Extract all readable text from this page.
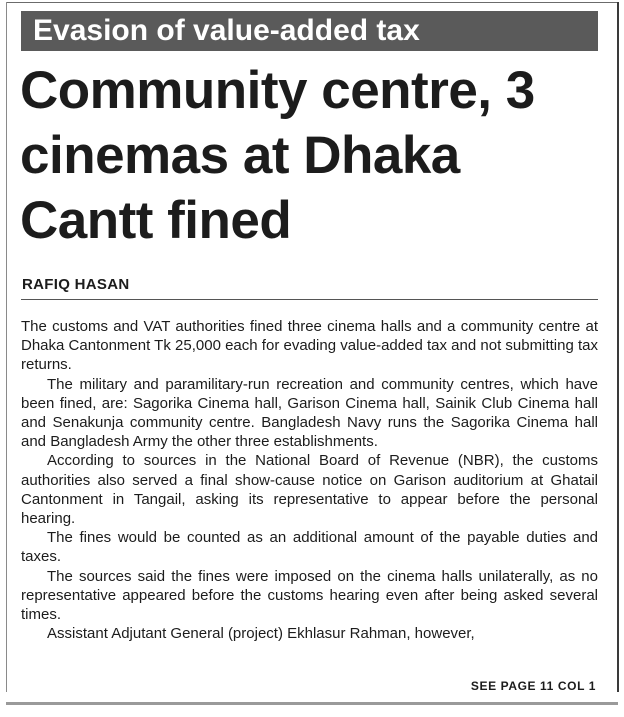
Evasion of value-added tax
Community centre, 3 cinemas at Dhaka Cantt fined
RAFIQ HASAN

The customs and VAT authorities fined three cinema halls and a community centre at Dhaka Cantonment Tk 25,000 each for evading value-added tax and not submitting tax returns.

The military and paramilitary-run recreation and community centres, which have been fined, are: Sagorika Cinema hall, Garison Cinema hall, Sainik Club Cinema hall and Senakunja community centre. Bangladesh Navy runs the Sagorika Cinema hall and Bangladesh Army the other three establishments.

According to sources in the National Board of Revenue (NBR), the customs authorities also served a final show-cause notice on Garison auditorium at Ghatail Cantonment in Tangail, asking its representative to appear before the personal hearing.

The fines would be counted as an additional amount of the payable duties and taxes.

The sources said the fines were imposed on the cinema halls unilaterally, as no representative appeared before the customs hearing even after being asked several times.

Assistant Adjutant General (project) Ekhlasur Rahman, however,

SEE PAGE 11 COL 1
